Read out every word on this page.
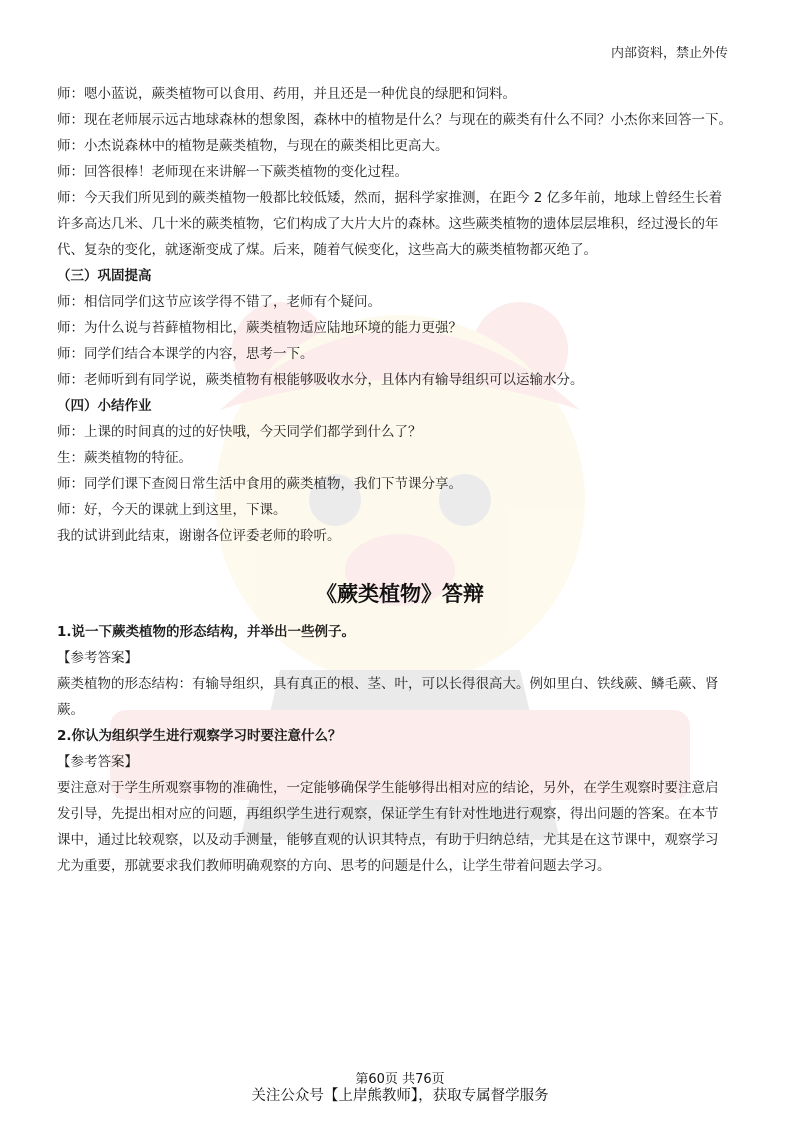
内部资料，禁止外传
师：嗯小蓝说，蕨类植物可以食用、药用，并且还是一种优良的绿肥和饲料。
师：现在老师展示远古地球森林的想象图，森林中的植物是什么？与现在的蕨类有什么不同？小杰你来回答一下。
师：小杰说森林中的植物是蕨类植物，与现在的蕨类相比更高大。
师：回答很棒！老师现在来讲解一下蕨类植物的变化过程。
师：今天我们所见到的蕨类植物一般都比较低矮，然而，据科学家推测，在距今 2 亿多年前，地球上曾经生长着
许多高达几米、几十米的蕨类植物，它们构成了大片大片的森林。这些蕨类植物的遗体层层堆积，经过漫长的年
代、复杂的变化，就逐渐变成了煤。后来，随着气候变化，这些高大的蕨类植物都灭绝了。
（三）巩固提高
师：相信同学们这节应该学得不错了，老师有个疑问。
师：为什么说与苔藓植物相比，蕨类植物适应陆地环境的能力更强？
师：同学们结合本课学的内容，思考一下。
师：老师听到有同学说，蕨类植物有根能够吸收水分，且体内有输导组织可以运输水分。
（四）小结作业
师：上课的时间真的过的好快哦，今天同学们都学到什么了？
生：蕨类植物的特征。
师：同学们课下查阅日常生活中食用的蕨类植物，我们下节课分享。
师：好，今天的课就上到这里，下课。
我的试讲到此结束，谢谢各位评委老师的聆听。
《蕨类植物》答辩
1.说一下蕨类植物的形态结构，并举出一些例子。
【参考答案】
蕨类植物的形态结构：有输导组织，具有真正的根、茎、叶，可以长得很高大。例如里白、铁线蕨、鳞毛蕨、肾
蕨。
2.你认为组织学生进行观察学习时要注意什么？
【参考答案】
要注意对于学生所观察事物的准确性，一定能够确保学生能够得出相对应的结论，另外，在学生观察时要注意启
发引导，先提出相对应的问题，再组织学生进行观察，保证学生有针对性地进行观察，得出问题的答案。在本节
课中，通过比较观察，以及动手测量，能够直观的认识其特点，有助于归纳总结，尤其是在这节课中，观察学习
尤为重要，那就要求我们教师明确观察的方向、思考的问题是什么，让学生带着问题去学习。
第60页 共76页
关注公众号【上岸熊教师】，获取专属督学服务
